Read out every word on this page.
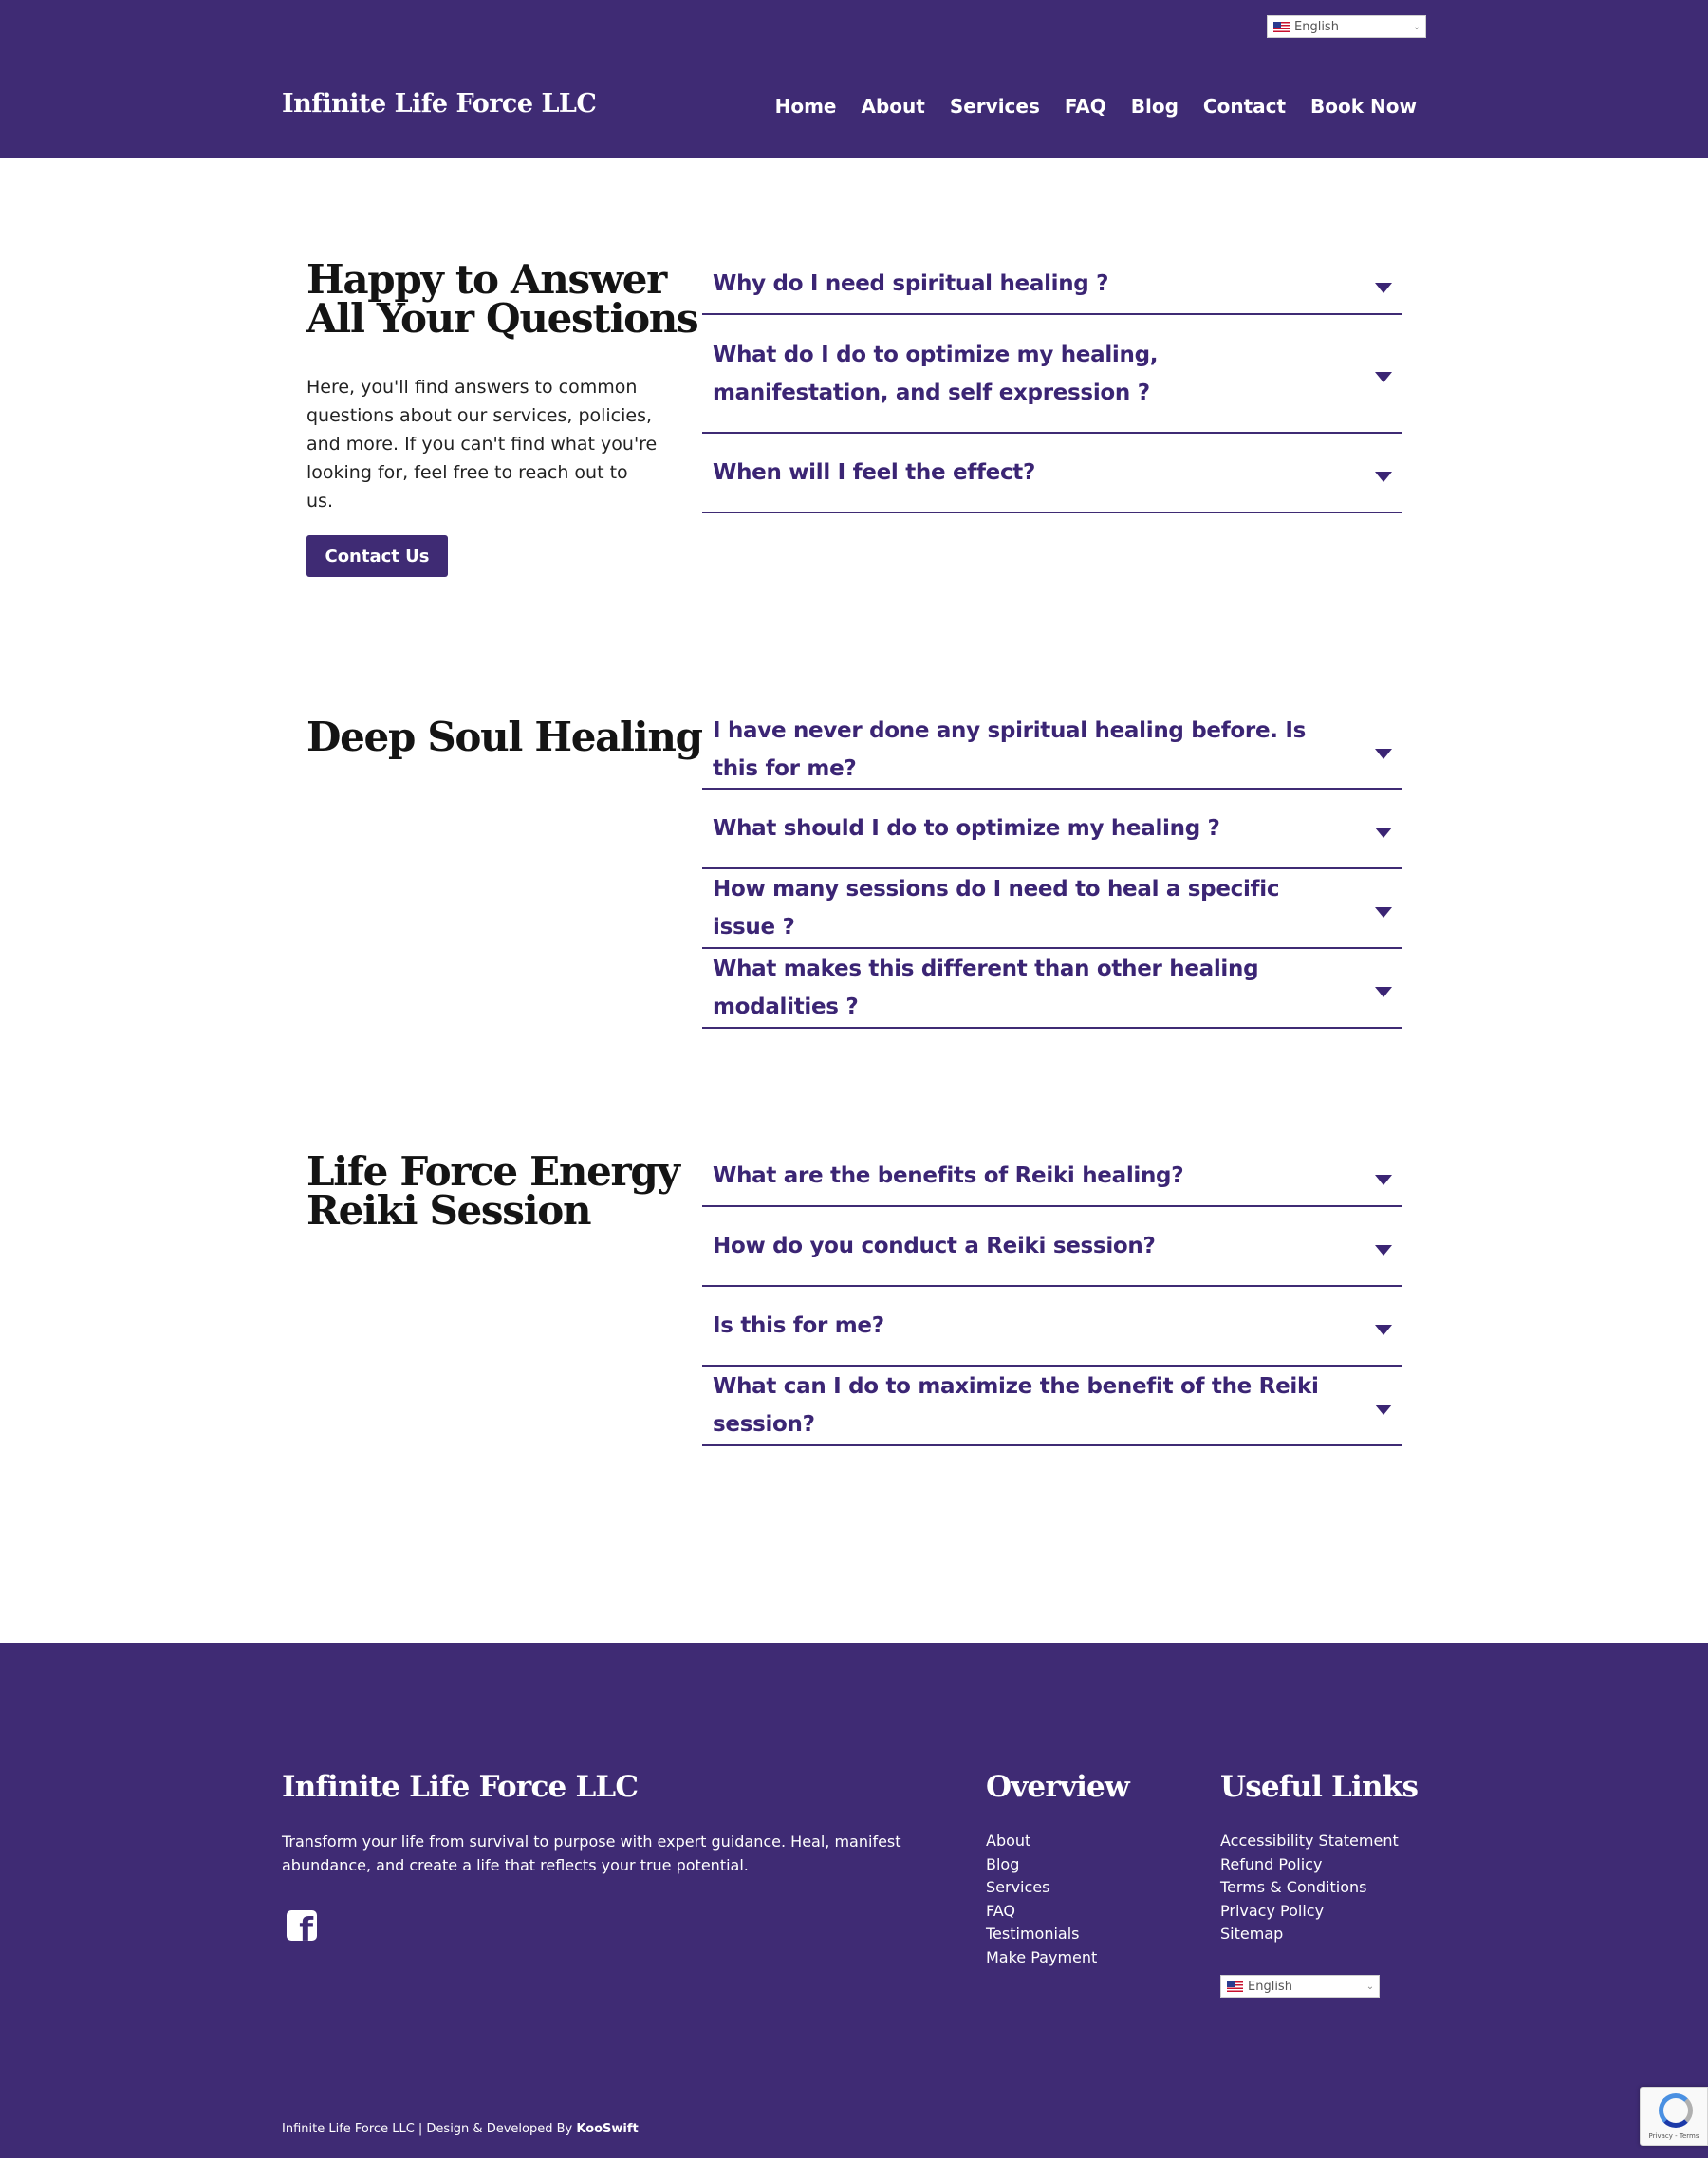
English	⌄
Infinite Life Force LLC	Home About Services FAQ Blog Contact Book Now
Happy to Answer
All Your Questions

Here, you'll find answers to common questions about our services, policies, and more. If you can't find what you're looking for, feel free to reach out to us.

Contact Us
Why do I need spiritual healing ?
What do I do to optimize my healing, manifestation, and self expression ?
When will I feel the effect?
Deep Soul Healing I have never done any spiritual healing before. Is this for me?
What should I do to optimize my healing ?
How many sessions do I need to heal a specific issue ?
What makes this different than other healing modalities ?
Life Force Energy
Reiki Session
What are the benefits of Reiki healing?
How do you conduct a Reiki session?
Is this for me?
What can I do to maximize the benefit of the Reiki session?
Infinite Life Force LLC

Transform your life from survival to purpose with expert guidance. Heal, manifest abundance, and create a life that reflects your true potential.

f
Overview
About
Blog
Services
FAQ
Testimonials
Make Payment
Useful Links
Accessibility Statement
Refund Policy
Terms & Conditions
Privacy Policy
Sitemap
English	⌄
Infinite Life Force LLC | Design & Developed By KooSwift	Privacy - Terms
